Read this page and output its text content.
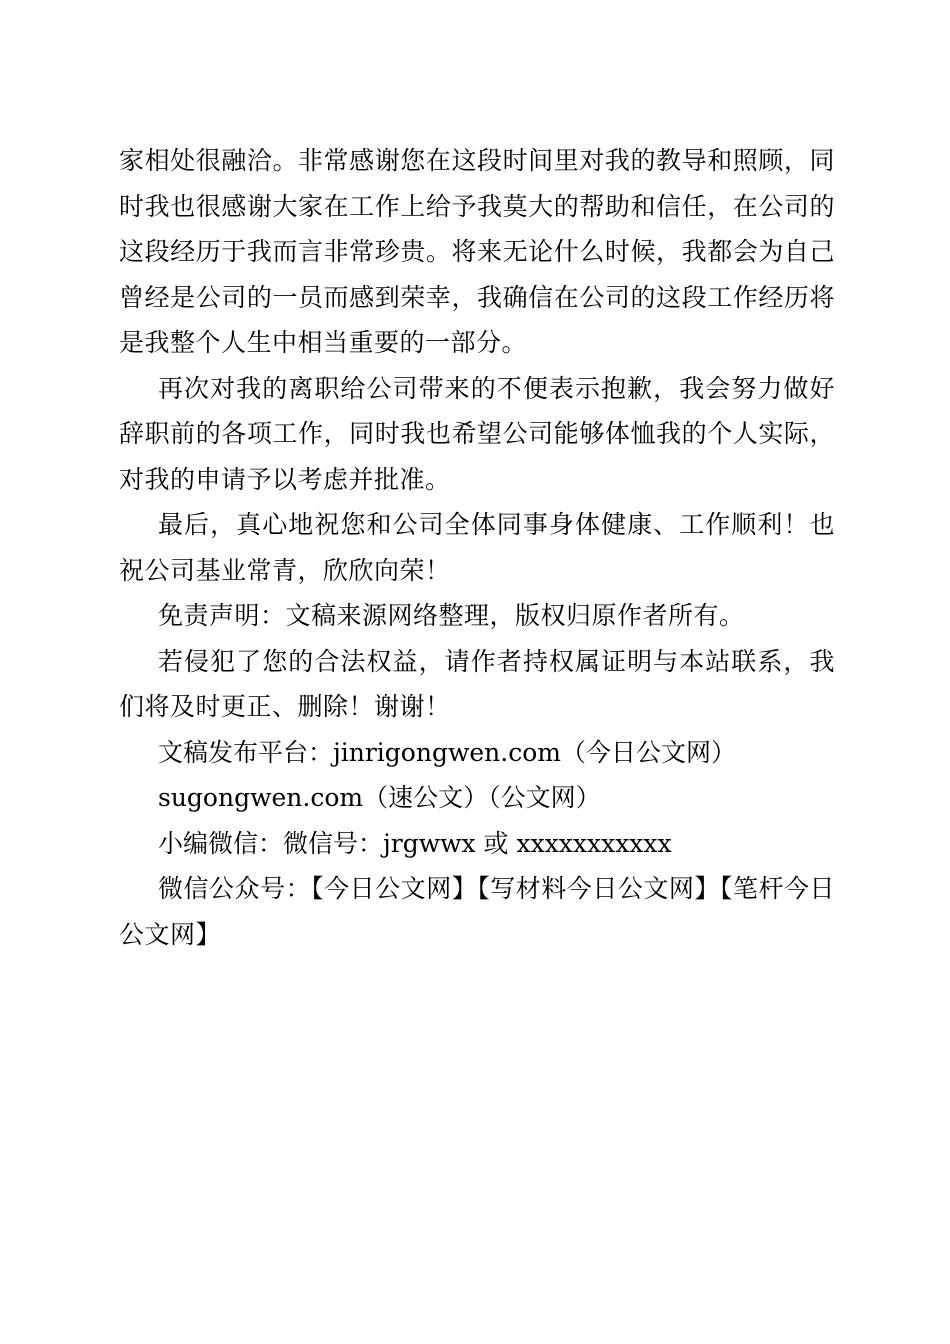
家相处很融洽。非常感谢您在这段时间里对我的教导和照顾，同时我也很感谢大家在工作上给予我莫大的帮助和信任，在公司的这段经历于我而言非常珍贵。将来无论什么时候，我都会为自己曾经是公司的一员而感到荣幸，我确信在公司的这段工作经历将是我整个人生中相当重要的一部分。

再次对我的离职给公司带来的不便表示抱歉，我会努力做好辞职前的各项工作，同时我也希望公司能够体恤我的个人实际，对我的申请予以考虑并批准。

最后，真心地祝您和公司全体同事身体健康、工作顺利！也祝公司基业常青，欣欣向荣！

免责声明：文稿来源网络整理，版权归原作者所有。

若侵犯了您的合法权益，请作者持权属证明与本站联系，我们将及时更正、删除！谢谢！

文稿发布平台：jinrigongwen.com（今日公文网）

sugongwen.com（速公文）（公文网）

小编微信：微信号：jrgwwx 或 xxxxxxxxxxx

微信公众号：【今日公文网】【写材料今日公文网】【笔杆今日公文网】
